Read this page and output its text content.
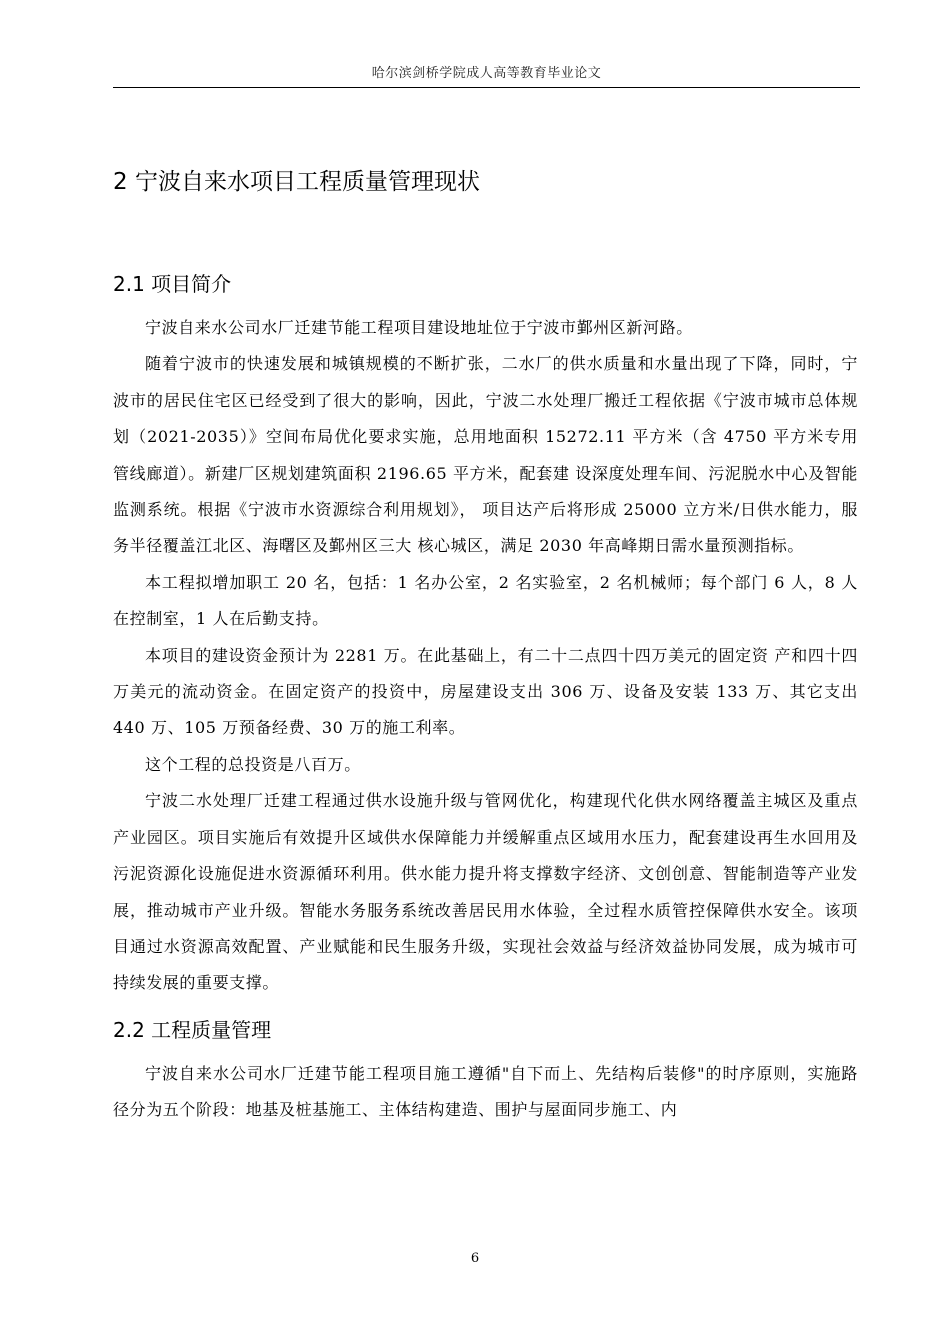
哈尔滨剑桥学院成人高等教育毕业论文
2 宁波自来水项目工程质量管理现状
2.1 项目简介

宁波自来水公司水厂迁建节能工程项目建设地址位于宁波市鄞州区新河路。

随着宁波市的快速发展和城镇规模的不断扩张，二水厂的供水质量和水量出现了下降，同时，宁波市的居民住宅区已经受到了很大的影响，因此，宁波二水处理厂搬迁工程依据《宁波市城市总体规划（2021-2035）》空间布局优化要求实施，总用地面积 15272.11 平方米（含 4750 平方米专用管线廊道）。新建厂区规划建筑面积 2196.65 平方米，配套建 设深度处理车间、污泥脱水中心及智能监测系统。根据《宁波市水资源综合利用规划》， 项目达产后将形成 25000 立方米/日供水能力，服务半径覆盖江北区、海曙区及鄞州区三大 核心城区，满足 2030 年高峰期日需水量预测指标。

本工程拟增加职工 20 名，包括：1 名办公室，2 名实验室，2 名机械师；每个部门 6 人，8 人在控制室，1 人在后勤支持。

本项目的建设资金预计为 2281 万。在此基础上，有二十二点四十四万美元的固定资 产和四十四万美元的流动资金。在固定资产的投资中，房屋建设支出 306 万、设备及安装 133 万、其它支出 440 万、105 万预备经费、30 万的施工利率。

这个工程的总投资是八百万。

宁波二水处理厂迁建工程通过供水设施升级与管网优化，构建现代化供水网络覆盖主城区及重点产业园区。项目实施后有效提升区域供水保障能力并缓解重点区域用水压力，配套建设再生水回用及污泥资源化设施促进水资源循环利用。供水能力提升将支撑数字经济、文创创意、智能制造等产业发展，推动城市产业升级。智能水务服务系统改善居民用水体验，全过程水质管控保障供水安全。该项目通过水资源高效配置、产业赋能和民生服务升级，实现社会效益与经济效益协同发展，成为城市可持续发展的重要支撑。

2.2 工程质量管理

宁波自来水公司水厂迁建节能工程项目施工遵循"自下而上、先结构后装修"的时序原则，实施路径分为五个阶段：地基及桩基施工、主体结构建造、围护与屋面同步施工、内

6
